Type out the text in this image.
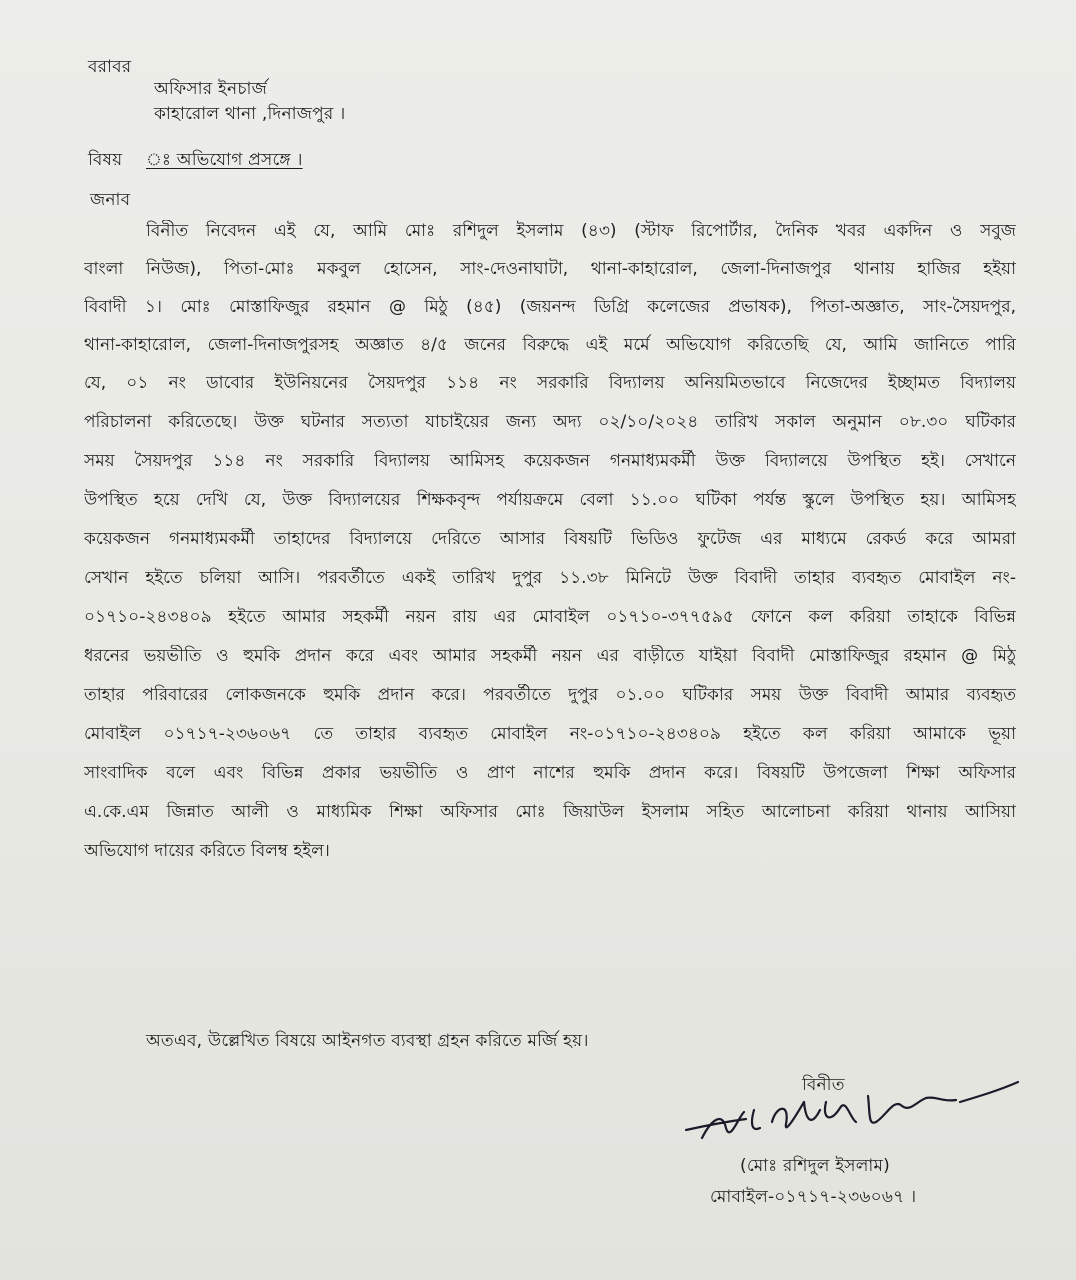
বরাবর
অফিসার ইনচার্জ
কাহারোল থানা ,দিনাজপুর ।
বিষয় ঃ অভিযোগ প্রসঙ্গে ।
জনাব
বিনীত নিবেদন এই যে, আমি মোঃ রশিদুল ইসলাম (৪৩) (স্টাফ রিপোর্টার, দৈনিক খবর একদিন ও সবুজ
বাংলা নিউজ), পিতা-মোঃ মকবুল হোসেন, সাং-দেওনাঘাটা, থানা-কাহারোল, জেলা-দিনাজপুর থানায় হাজির হইয়া
বিবাদী ১। মোঃ মোস্তাফিজুর রহমান @ মিঠু (৪৫) (জয়নন্দ ডিগ্রি কলেজের প্রভাষক), পিতা-অজ্ঞাত, সাং-সৈয়দপুর,
থানা-কাহারোল, জেলা-দিনাজপুরসহ অজ্ঞাত ৪/৫ জনের বিরুদ্ধে এই মর্মে অভিযোগ করিতেছি যে, আমি জানিতে পারি
যে, ০১ নং ডাবোর ইউনিয়নের সৈয়দপুর ১১৪ নং সরকারি বিদ্যালয় অনিয়মিতভাবে নিজেদের ইচ্ছামত বিদ্যালয়
পরিচালনা করিতেছে। উক্ত ঘটনার সত্যতা যাচাইয়ের জন্য অদ্য ০২/১০/২০২৪ তারিখ সকাল অনুমান ০৮.৩০ ঘটিকার
সময় সৈয়দপুর ১১৪ নং সরকারি বিদ্যালয় আমিসহ কয়েকজন গনমাধ্যমকর্মী উক্ত বিদ্যালয়ে উপস্থিত হই। সেখানে
উপস্থিত হয়ে দেখি যে, উক্ত বিদ্যালয়ের শিক্ষকবৃন্দ পর্যায়ক্রমে বেলা ১১.০০ ঘটিকা পর্যন্ত স্কুলে উপস্থিত হয়। আমিসহ
কয়েকজন গনমাধ্যমকর্মী তাহাদের বিদ্যালয়ে দেরিতে আসার বিষয়টি ভিডিও ফুটেজ এর মাধ্যমে রেকর্ড করে আমরা
সেখান হইতে চলিয়া আসি। পরবর্তীতে একই তারিখ দুপুর ১১.৩৮ মিনিটে উক্ত বিবাদী তাহার ব্যবহৃত মোবাইল নং-
০১৭১০-২৪৩৪০৯ হইতে আমার সহকর্মী নয়ন রায় এর মোবাইল ০১৭১০-৩৭৭৫৯৫ ফোনে কল করিয়া তাহাকে বিভিন্ন
ধরনের ভয়ভীতি ও হুমকি প্রদান করে এবং আমার সহকর্মী নয়ন এর বাড়ীতে যাইয়া বিবাদী মোস্তাফিজুর রহমান @ মিঠু
তাহার পরিবারের লোকজনকে হুমকি প্রদান করে। পরবর্তীতে দুপুর ০১.০০ ঘটিকার সময় উক্ত বিবাদী আমার ব্যবহৃত
মোবাইল ০১৭১৭-২৩৬০৬৭ তে তাহার ব্যবহৃত মোবাইল নং-০১৭১০-২৪৩৪০৯ হইতে কল করিয়া আমাকে ভূয়া
সাংবাদিক বলে এবং বিভিন্ন প্রকার ভয়ভীতি ও প্রাণ নাশের হুমকি প্রদান করে। বিষয়টি উপজেলা শিক্ষা অফিসার
এ.কে.এম জিন্নাত আলী ও মাধ্যমিক শিক্ষা অফিসার মোঃ জিয়াউল ইসলাম সহিত আলোচনা করিয়া থানায় আসিয়া
অভিযোগ দায়ের করিতে বিলম্ব হইল।
অতএব, উল্লেখিত বিষয়ে আইনগত ব্যবস্থা গ্রহন করিতে মর্জি হয়।
বিনীত
(মোঃ রশিদুল ইসলাম)
মোবাইল-০১৭১৭-২৩৬০৬৭ ।
